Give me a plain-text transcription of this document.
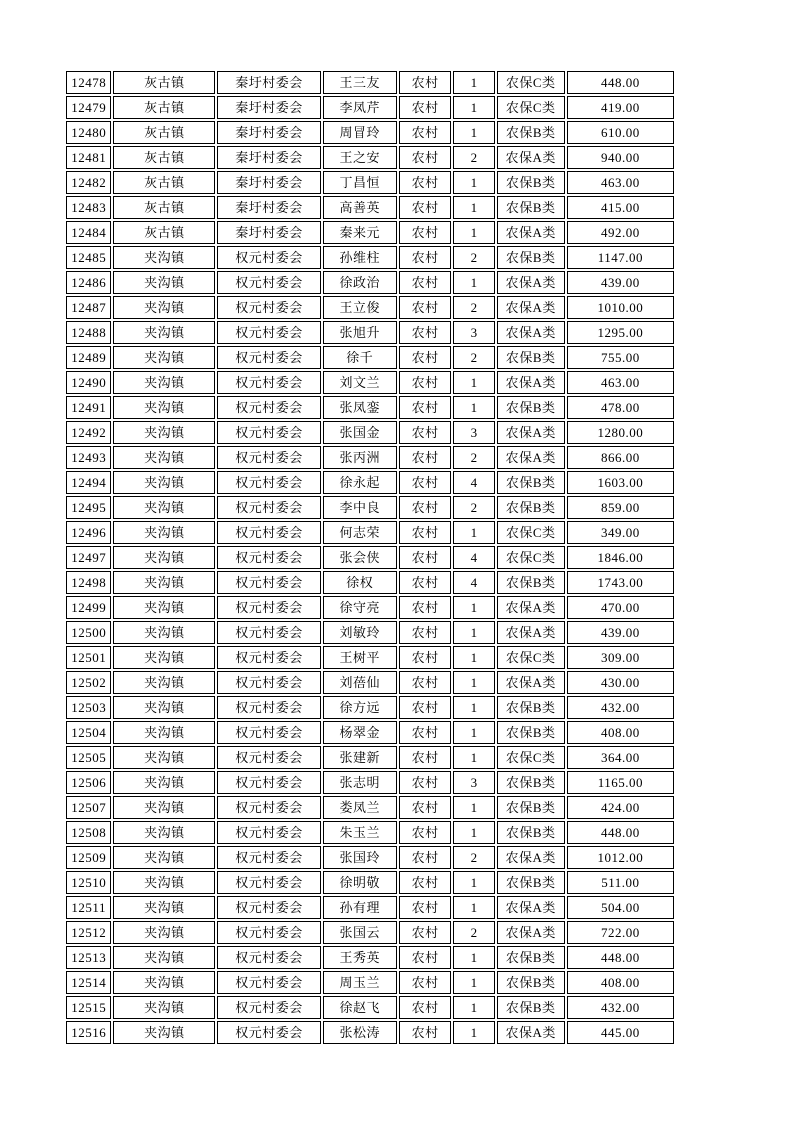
12478	灰古镇	秦圩村委会	王三友	农村	1	农保C类	448.00
12479	灰古镇	秦圩村委会	李凤芹	农村	1	农保C类	419.00
12480	灰古镇	秦圩村委会	周冒玲	农村	1	农保B类	610.00
12481	灰古镇	秦圩村委会	王之安	农村	2	农保A类	940.00
12482	灰古镇	秦圩村委会	丁昌恒	农村	1	农保B类	463.00
12483	灰古镇	秦圩村委会	高善英	农村	1	农保B类	415.00
12484	灰古镇	秦圩村委会	秦来元	农村	1	农保A类	492.00
12485	夹沟镇	权元村委会	孙维柱	农村	2	农保B类	1147.00
12486	夹沟镇	权元村委会	徐政治	农村	1	农保A类	439.00
12487	夹沟镇	权元村委会	王立俊	农村	2	农保A类	1010.00
12488	夹沟镇	权元村委会	张旭升	农村	3	农保A类	1295.00
12489	夹沟镇	权元村委会	徐千	农村	2	农保B类	755.00
12490	夹沟镇	权元村委会	刘文兰	农村	1	农保A类	463.00
12491	夹沟镇	权元村委会	张凤銮	农村	1	农保B类	478.00
12492	夹沟镇	权元村委会	张国金	农村	3	农保A类	1280.00
12493	夹沟镇	权元村委会	张丙洲	农村	2	农保A类	866.00
12494	夹沟镇	权元村委会	徐永起	农村	4	农保B类	1603.00
12495	夹沟镇	权元村委会	李中良	农村	2	农保B类	859.00
12496	夹沟镇	权元村委会	何志荣	农村	1	农保C类	349.00
12497	夹沟镇	权元村委会	张会侠	农村	4	农保C类	1846.00
12498	夹沟镇	权元村委会	徐权	农村	4	农保B类	1743.00
12499	夹沟镇	权元村委会	徐守亮	农村	1	农保A类	470.00
12500	夹沟镇	权元村委会	刘敏玲	农村	1	农保A类	439.00
12501	夹沟镇	权元村委会	王树平	农村	1	农保C类	309.00
12502	夹沟镇	权元村委会	刘蓓仙	农村	1	农保A类	430.00
12503	夹沟镇	权元村委会	徐方远	农村	1	农保B类	432.00
12504	夹沟镇	权元村委会	杨翠金	农村	1	农保B类	408.00
12505	夹沟镇	权元村委会	张建新	农村	1	农保C类	364.00
12506	夹沟镇	权元村委会	张志明	农村	3	农保B类	1165.00
12507	夹沟镇	权元村委会	娄凤兰	农村	1	农保B类	424.00
12508	夹沟镇	权元村委会	朱玉兰	农村	1	农保B类	448.00
12509	夹沟镇	权元村委会	张国玲	农村	2	农保A类	1012.00
12510	夹沟镇	权元村委会	徐明敬	农村	1	农保B类	511.00
12511	夹沟镇	权元村委会	孙有理	农村	1	农保A类	504.00
12512	夹沟镇	权元村委会	张国云	农村	2	农保A类	722.00
12513	夹沟镇	权元村委会	王秀英	农村	1	农保B类	448.00
12514	夹沟镇	权元村委会	周玉兰	农村	1	农保B类	408.00
12515	夹沟镇	权元村委会	徐赵飞	农村	1	农保B类	432.00
12516	夹沟镇	权元村委会	张松涛	农村	1	农保A类	445.00
